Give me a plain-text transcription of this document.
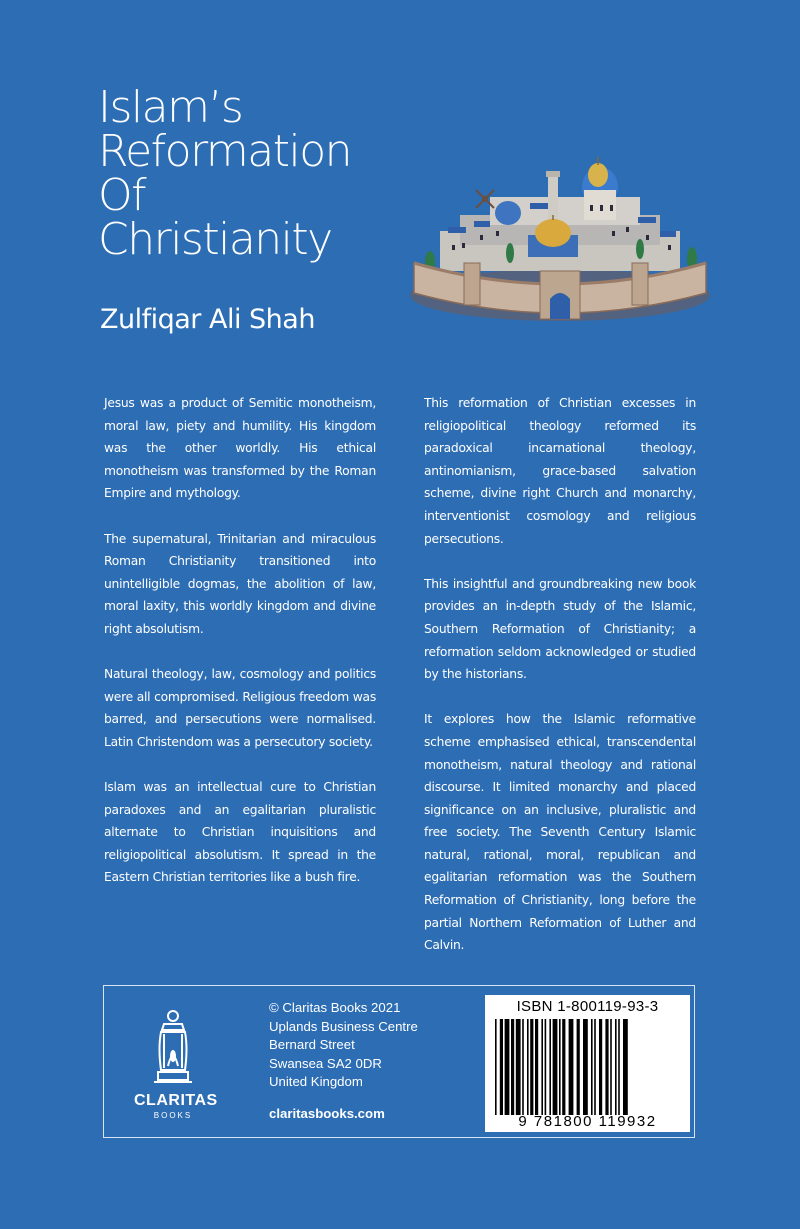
Islam’s
Reformation
Of
Christianity
Zulfiqar Ali Shah

Jesus was a product of Semitic monotheism, moral law, piety and humility. His kingdom was the other worldly. His ethical monotheism was transformed by the Roman Empire and mythology.

The supernatural, Trinitarian and miraculous Roman Christianity transitioned into unintelligible dogmas, the abolition of law, moral laxity, this worldly kingdom and divine right absolutism.

Natural theology, law, cosmology and politics were all compromised. Religious freedom was barred, and persecutions were normalised. Latin Christendom was a persecutory society.

Islam was an intellectual cure to Christian paradoxes and an egalitarian pluralistic alternate to Christian inquisitions and religiopolitical absolutism. It spread in the Eastern Christian territories like a bush fire.

This reformation of Christian excesses in religiopolitical theology reformed its paradoxical incarnational theology, antinomianism, grace-based salvation scheme, divine right Church and monarchy, interventionist cosmology and religious persecutions.

This insightful and groundbreaking new book provides an in-depth study of the Islamic, Southern Reformation of Christianity; a reformation seldom acknowledged or studied by the historians.

It explores how the Islamic reformative scheme emphasised ethical, transcendental monotheism, natural theology and rational discourse. It limited monarchy and placed significance on an inclusive, pluralistic and free society. The Seventh Century Islamic natural, rational, moral, republican and egalitarian reformation was the Southern Reformation of Christianity, long before the partial Northern Reformation of Luther and Calvin.

CLARITAS
BOOKS
© Claritas Books 2021
Uplands Business Centre
Bernard Street
Swansea SA2 0DR
United Kingdom
claritasbooks.com
ISBN 1-800119-93-3
9 781800 119932
